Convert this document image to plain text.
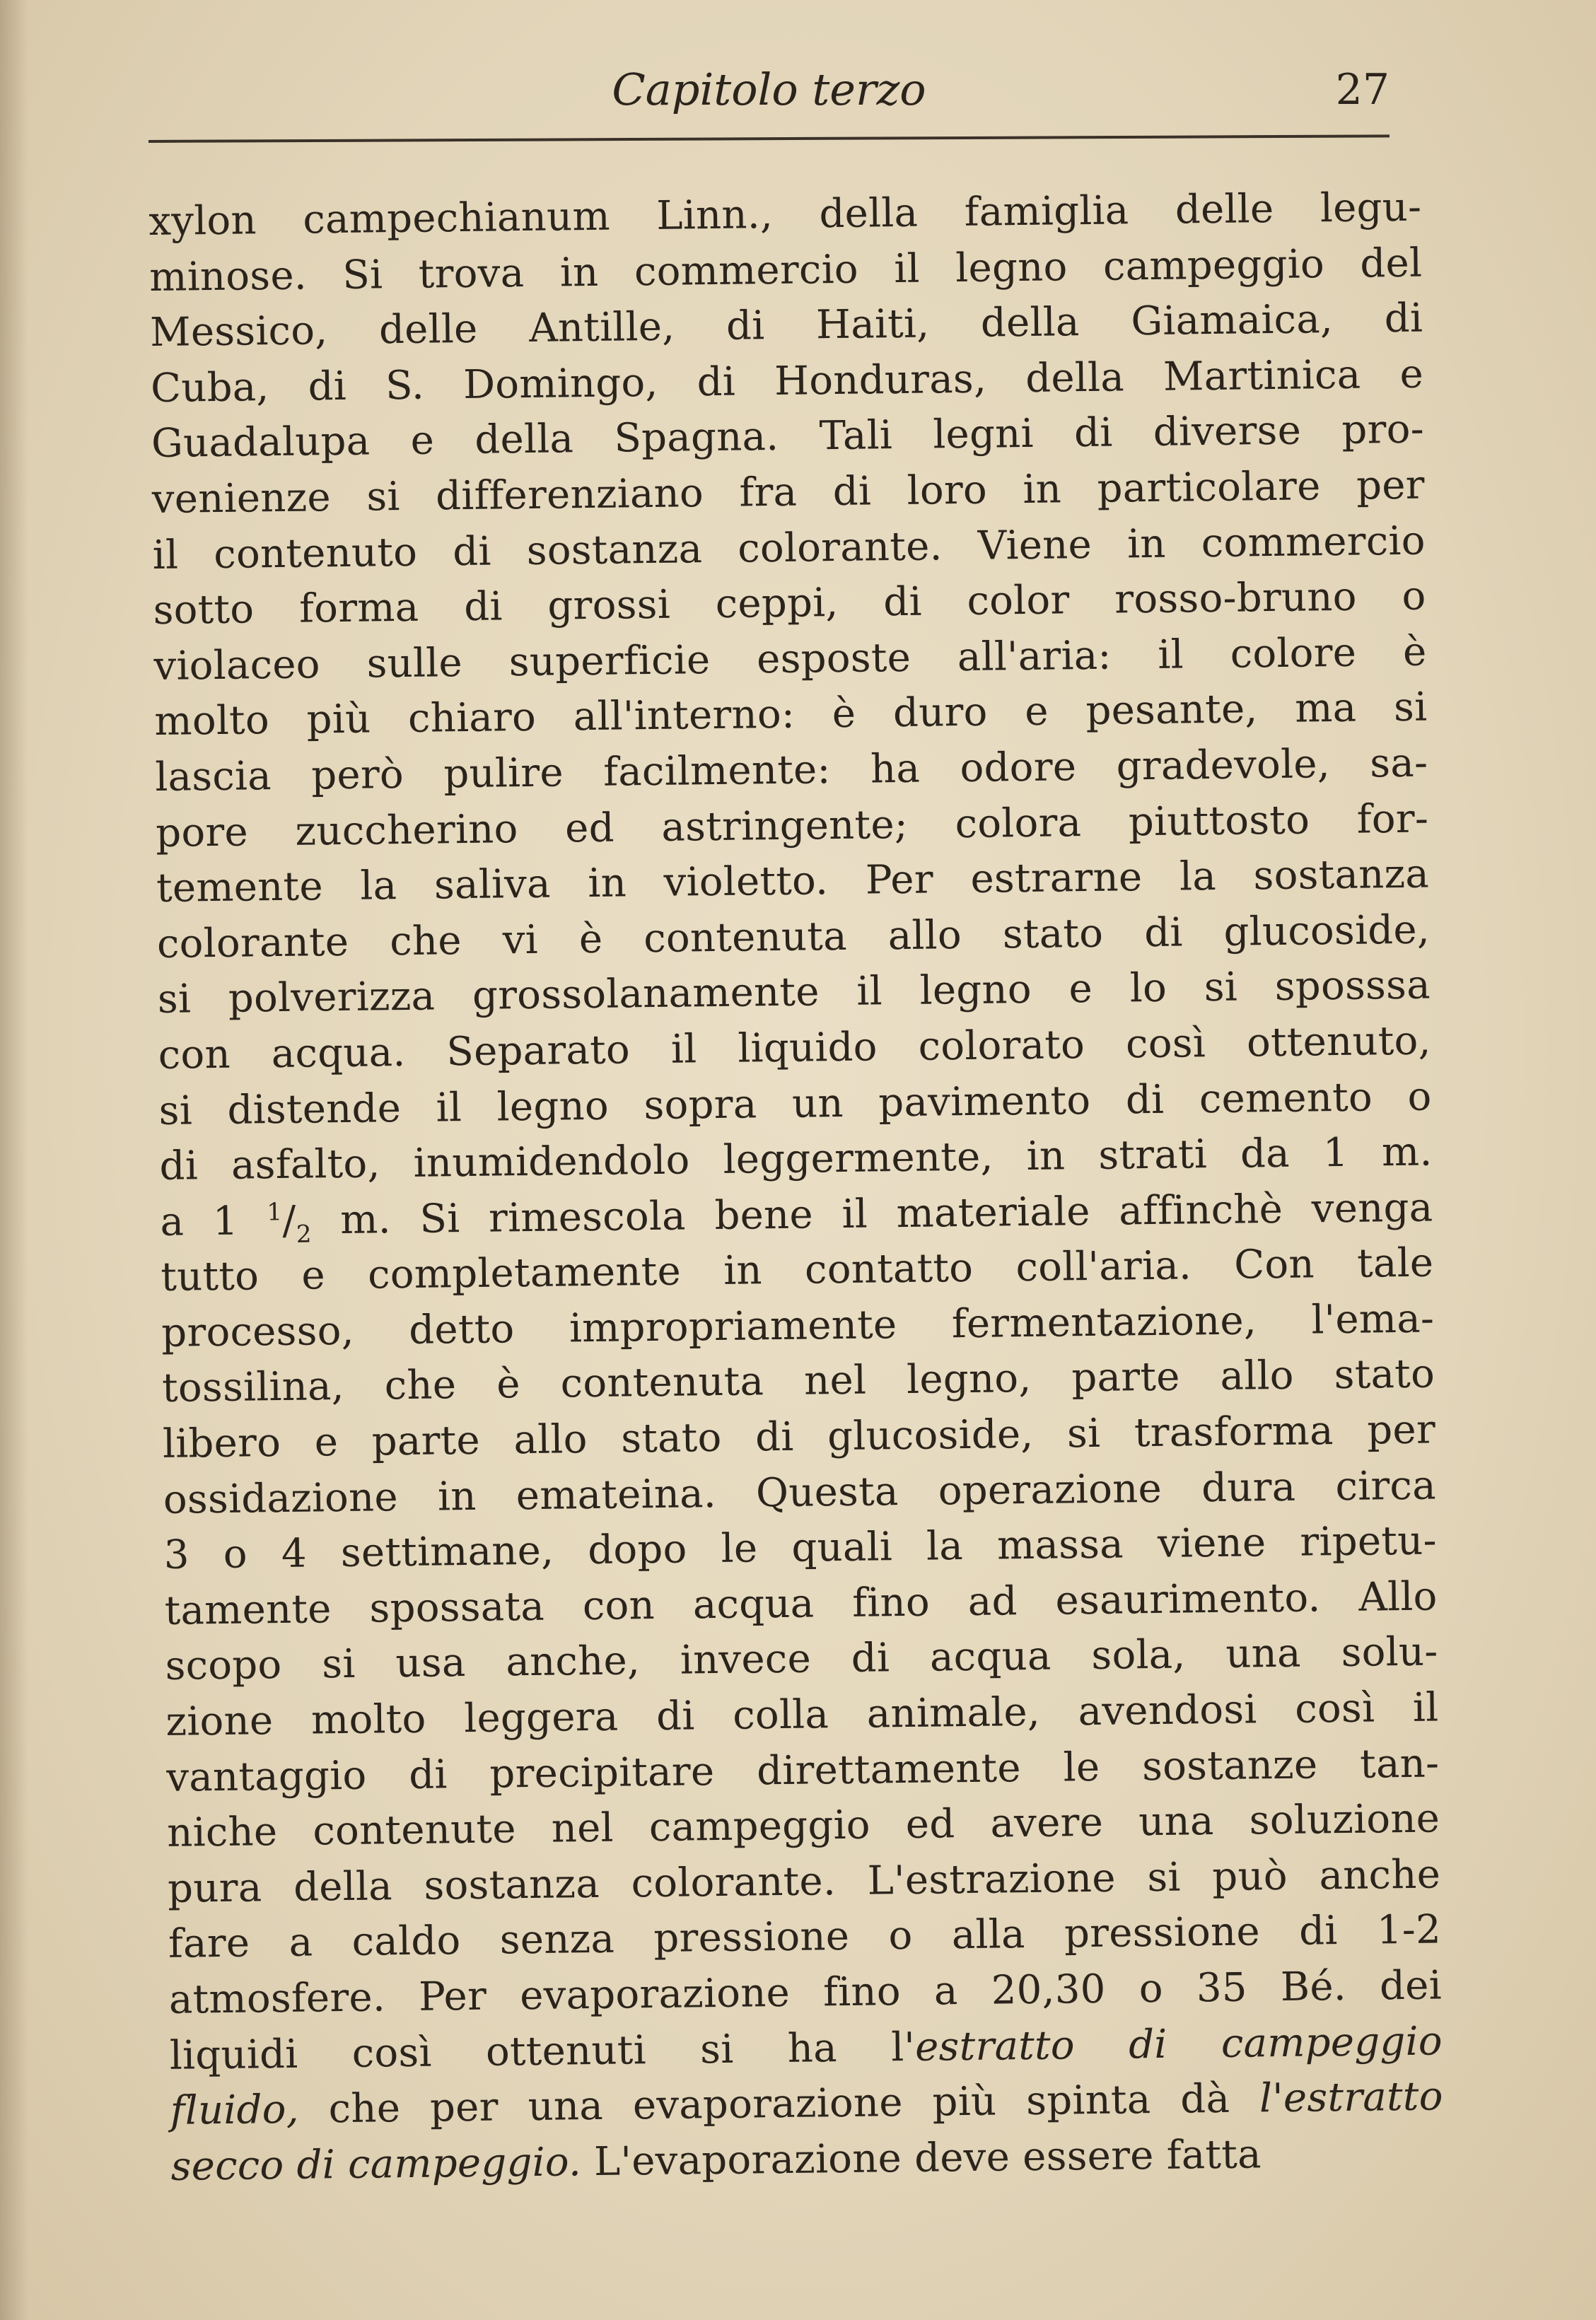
Capitolo terzo	27
xylon campechianum Linn., della famiglia delle legu-
minose. Si trova in commercio il legno campeggio del
Messico, delle Antille, di Haiti, della Giamaica, di
Cuba, di S. Domingo, di Honduras, della Martinica e
Guadalupa e della Spagna. Tali legni di diverse pro-
venienze si differenziano fra di loro in particolare per
il contenuto di sostanza colorante. Viene in commercio
sotto forma di grossi ceppi, di color rosso-bruno o
violaceo sulle superficie esposte all'aria: il colore è
molto più chiaro all'interno: è duro e pesante, ma si
lascia però pulire facilmente: ha odore gradevole, sa-
pore zuccherino ed astringente; colora piuttosto for-
temente la saliva in violetto. Per estrarne la sostanza
colorante che vi è contenuta allo stato di glucoside,
si polverizza grossolanamente il legno e lo si sposssa
con acqua. Separato il liquido colorato così ottenuto,
si distende il legno sopra un pavimento di cemento o
di asfalto, inumidendolo leggermente, in strati da 1 m.
a 1 $^1/_2$ m. Si rimescola bene il materiale affinchè venga
tutto e completamente in contatto coll'aria. Con tale
processo, detto impropriamente fermentazione, l'ema-
tossilina, che è contenuta nel legno, parte allo stato
libero e parte allo stato di glucoside, si trasforma per
ossidazione in emateina. Questa operazione dura circa
3 o 4 settimane, dopo le quali la massa viene ripetu-
tamente spossata con acqua fino ad esaurimento. Allo
scopo si usa anche, invece di acqua sola, una solu-
zione molto leggera di colla animale, avendosi così il
vantaggio di precipitare direttamente le sostanze tan-
niche contenute nel campeggio ed avere una soluzione
pura della sostanza colorante. L'estrazione si può anche
fare a caldo senza pressione o alla pressione di 1-2
atmosfere. Per evaporazione fino a 20,30 o 35 Bé. dei
liquidi così ottenuti si ha l'estratto di campeggio
fluido, che per una evaporazione più spinta dà l'estratto
secco di campeggio. L'evaporazione deve essere fatta
